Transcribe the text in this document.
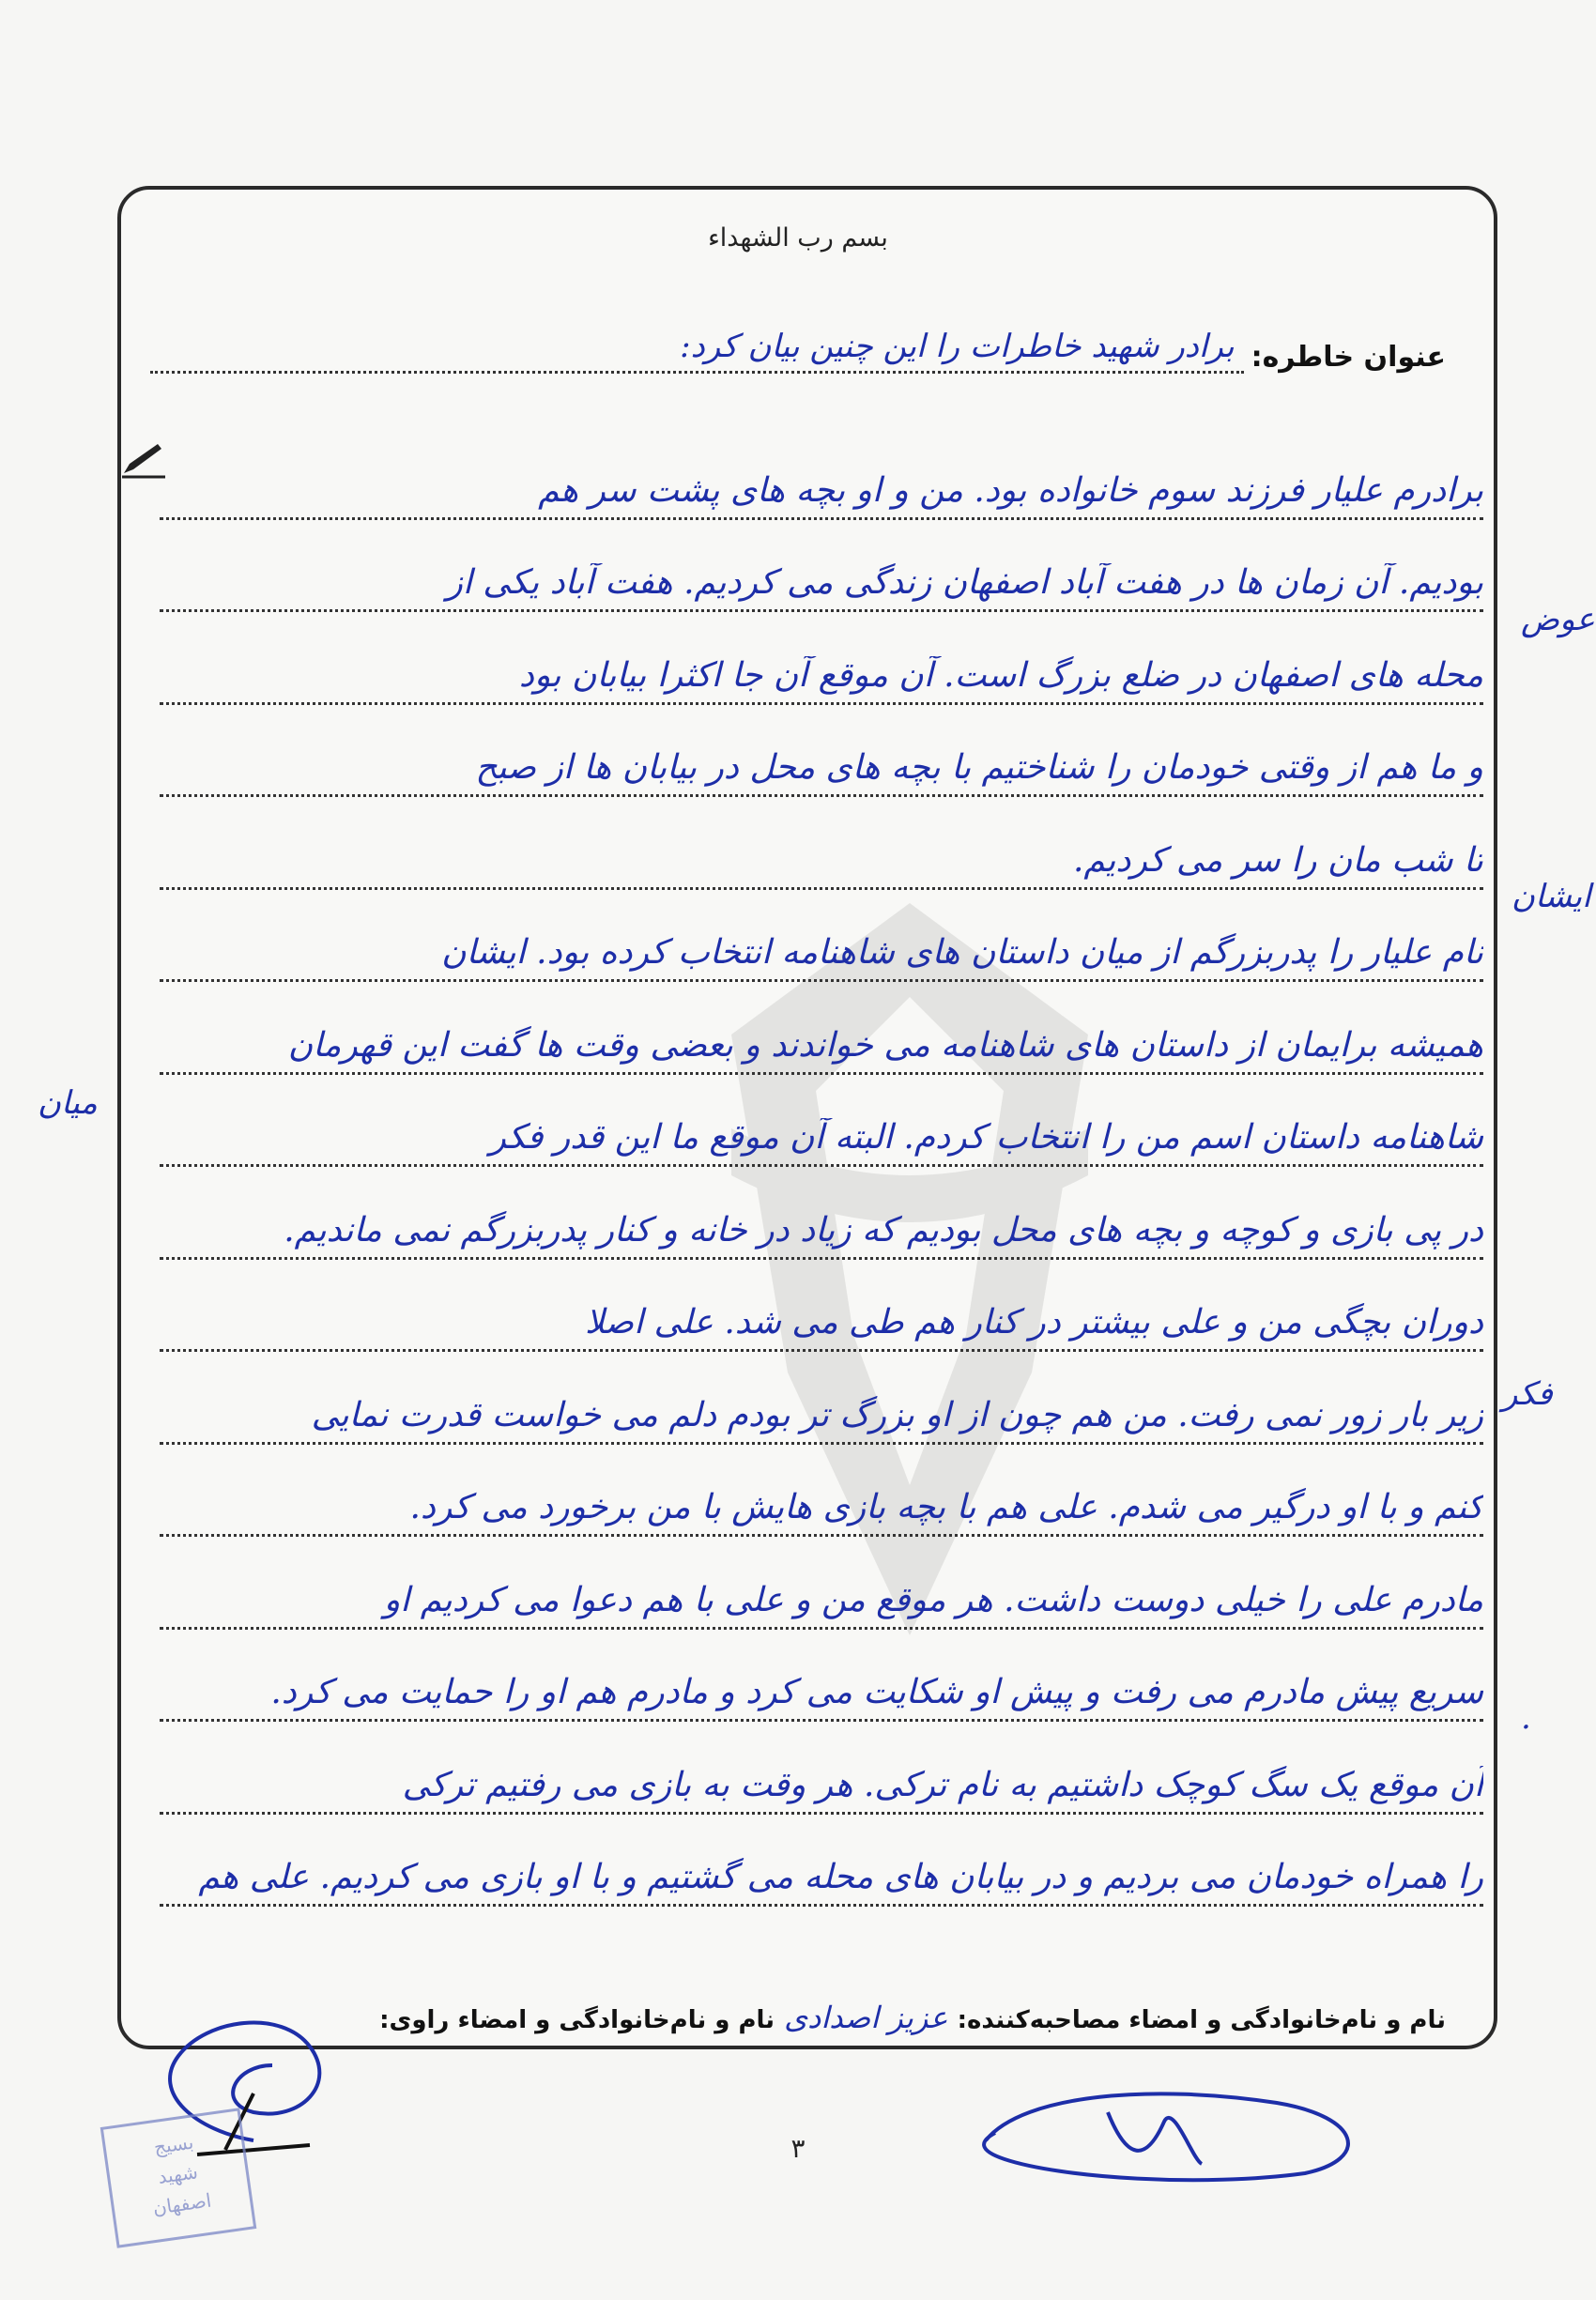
بسم رب الشهداء
عنوان خاطره:
برادر شهید خاطرات را این چنین بیان کرد:
برادرم علیار فرزند سوم خانواده بود. من و او بچه های پشت سر هم
بودیم. آن زمان ها در هفت آباد اصفهان زندگی می کردیم. هفت آباد یکی از
محله های اصفهان در ضلع بزرگ است. آن موقع آن جا اکثرا بیابان بود
و ما هم از وقتی خودمان را شناختیم با بچه های محل در بیابان ها از صبح
تا شب مان را سر می کردیم.
نام علیار را پدربزرگم از میان داستان های شاهنامه انتخاب کرده بود. ایشان
همیشه برایمان از داستان های شاهنامه می خواندند و بعضی وقت ها گفت این قهرمان
شاهنامه داستان اسم من را انتخاب کردم. البته آن موقع ما این قدر فکر
در پی بازی و کوچه و بچه های محل بودیم که زیاد در خانه و کنار پدربزرگم نمی ماندیم.
دوران بچگی من و علی بیشتر در کنار هم طی می شد. علی اصلا
زیر بار زور نمی رفت. من هم چون از او بزرگ تر بودم دلم می خواست قدرت نمایی
کنم و با او درگیر می شدم. علی هم با بچه بازی هایش با من برخورد می کرد.
مادرم علی را خیلی دوست داشت. هر موقع من و علی با هم دعوا می کردیم او
سریع پیش مادرم می رفت و پیش او شکایت می کرد و مادرم هم او را حمایت می کرد.
آن موقع یک سگ کوچک داشتیم به نام ترکی. هر وقت به بازی می رفتیم ترکی
را همراه خودمان می بردیم و در بیابان های محله می گشتیم و با او بازی می کردیم. علی هم
عوض
ایشان
میان
فکر
.
نام و نام‌خانوادگی و امضاء مصاحبه‌کننده:
عزیز اصدادی
نام و نام‌خانوادگی و امضاء راوی:
بسیج
شهید
اصفهان
۳
